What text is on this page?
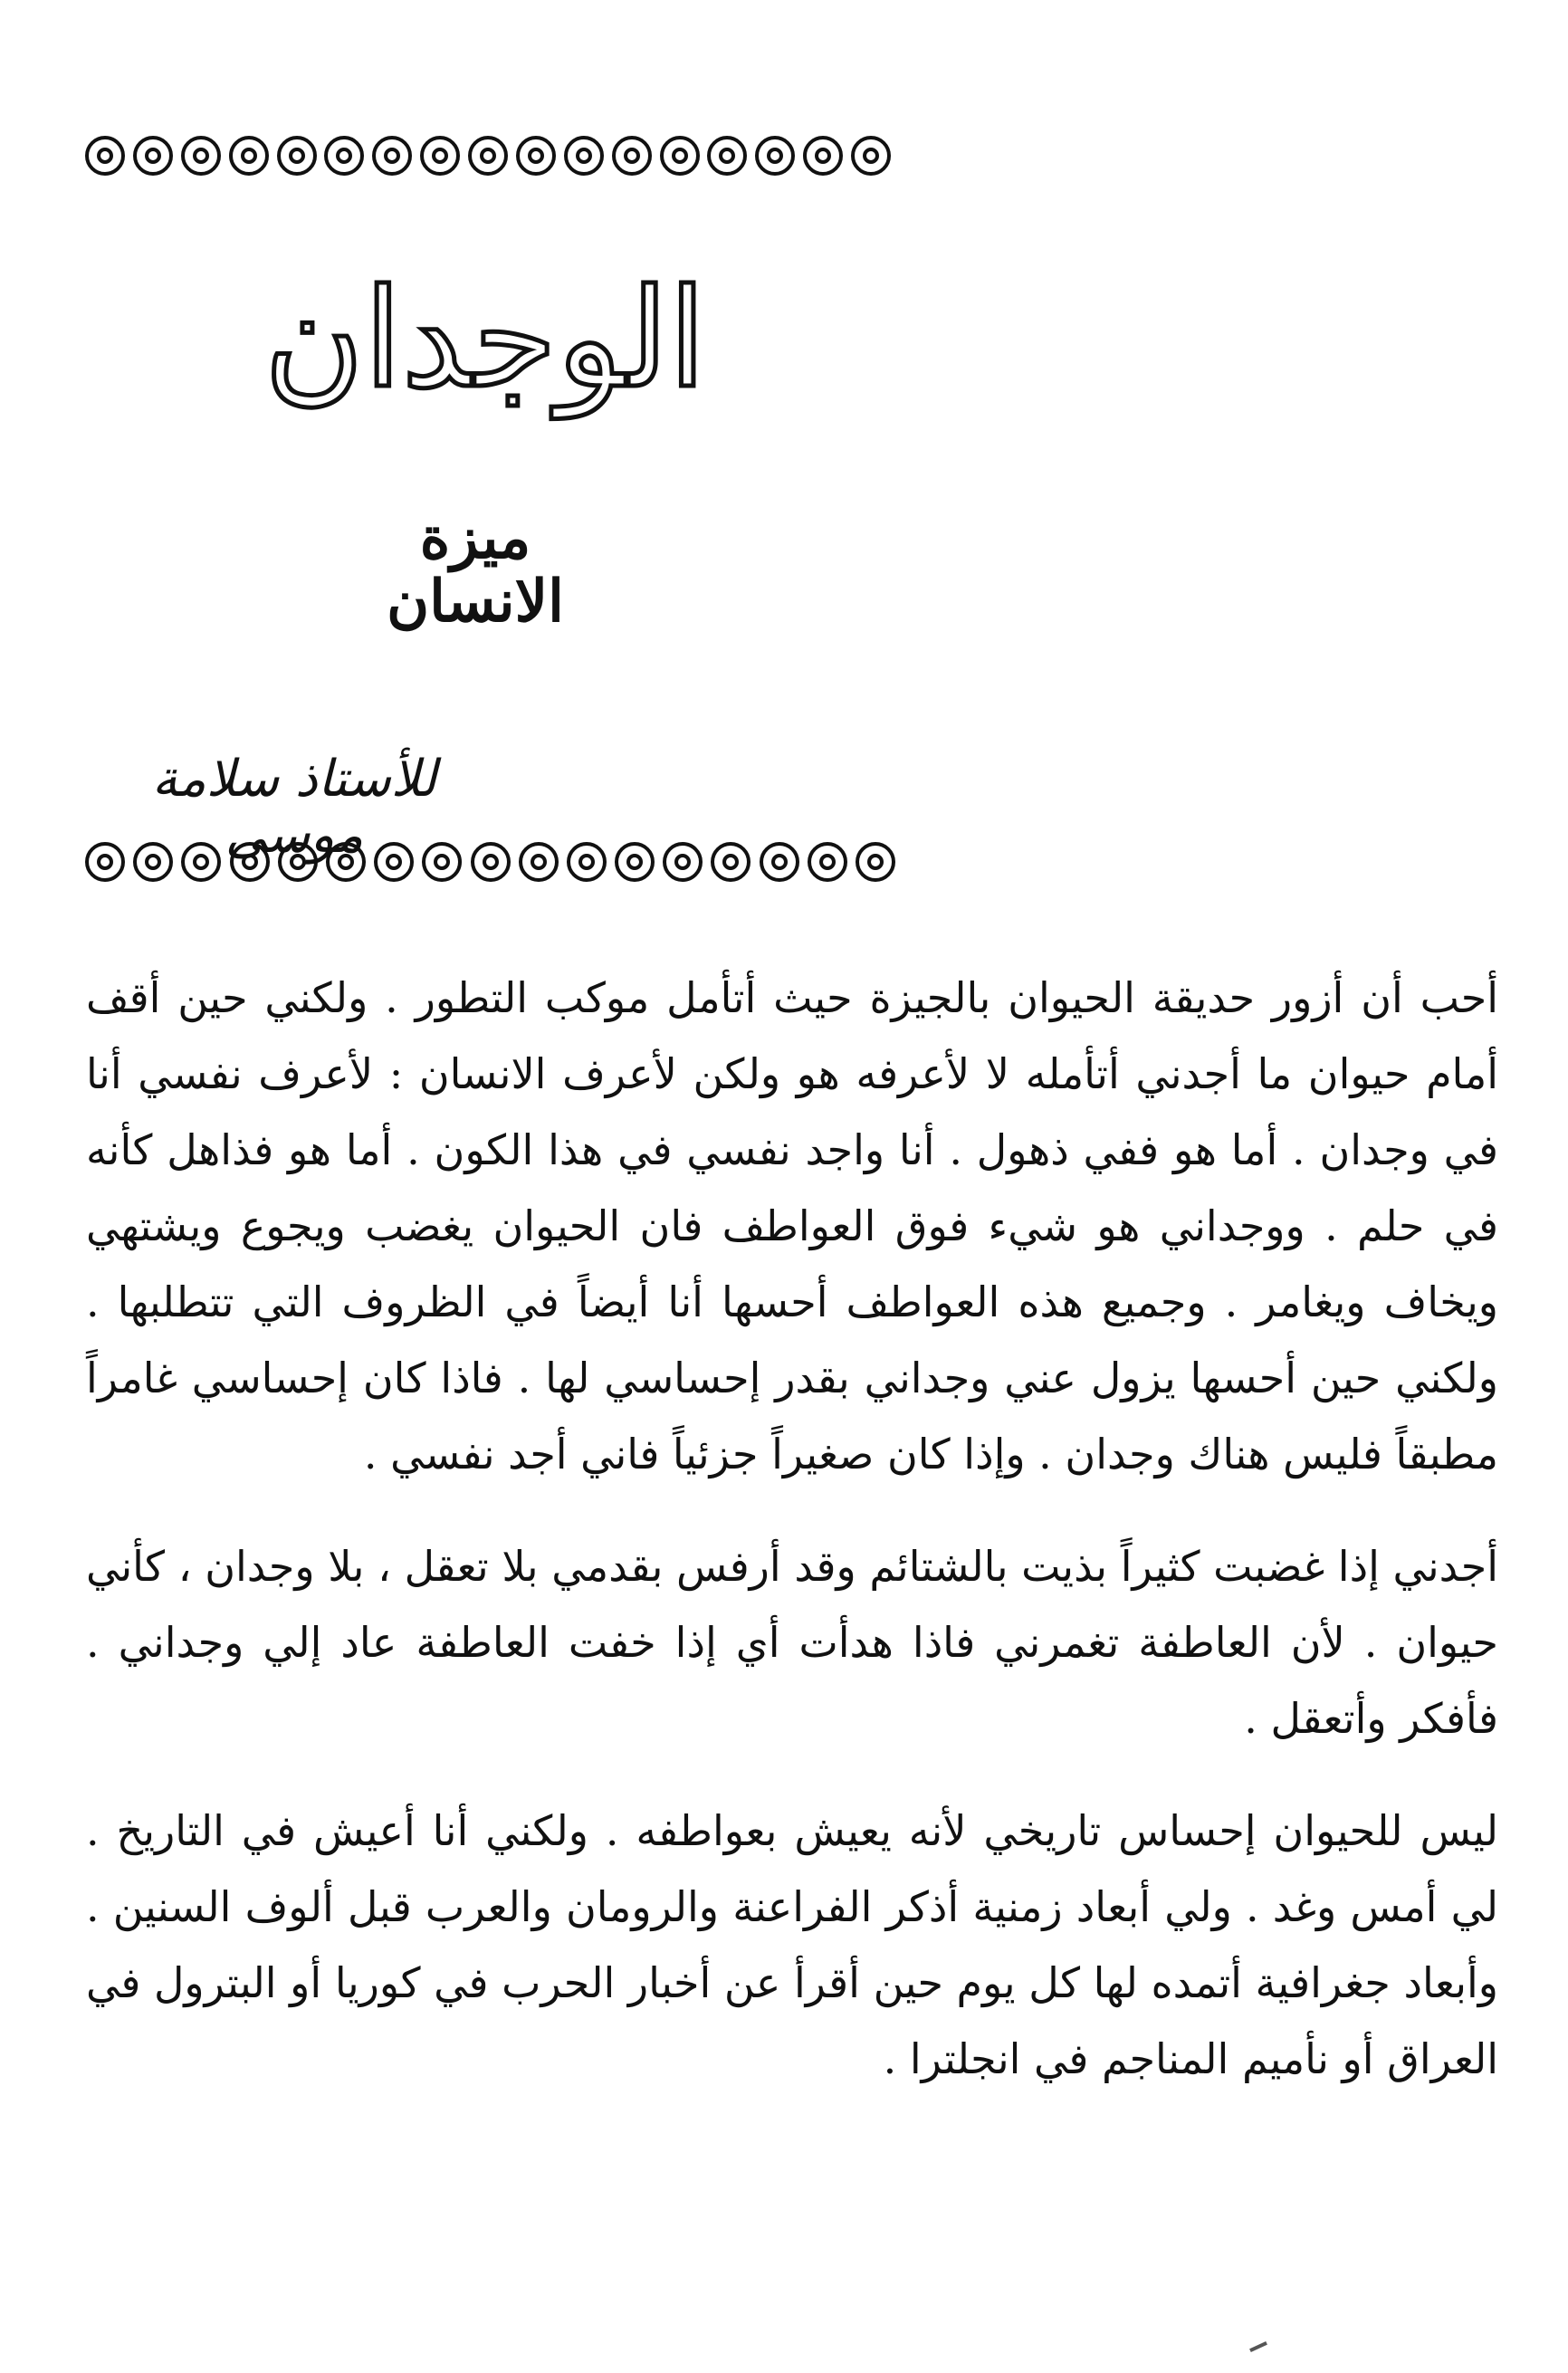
الوجدان
ميزة الانسان
للأستاذ سلامة موسى

أحب أن أزور حديقة الحيوان بالجيزة حيث أتأمل موكب التطور . ولكني حين أقف أمام حيوان ما أجدني أتأمله لا لأعرفه هو ولكن لأعرف الانسان : لأعرف نفسي أنا في وجدان . أما هو ففي ذهول . أنا واجد نفسي في هذا الكون . أما هو فذاهل كأنه في حلم . ووجداني هو شيء فوق العواطف فان الحيوان يغضب ويجوع ويشتهي ويخاف ويغامر . وجميع هذه العواطف أحسها أنا أيضاً في الظروف التي تتطلبها . ولكني حين أحسها يزول عني وجداني بقدر إحساسي لها . فاذا كان إحساسي غامراً مطبقاً فليس هناك وجدان . وإذا كان صغيراً جزئياً فاني أجد نفسي .

أجدني إذا غضبت كثيراً بذيت بالشتائم وقد أرفس بقدمي بلا تعقل ، بلا وجدان ، كأني حيوان . لأن العاطفة تغمرني فاذا هدأت أي إذا خفت العاطفة عاد إلي وجداني . فأفكر وأتعقل .

ليس للحيوان إحساس تاريخي لأنه يعيش بعواطفه . ولكني أنا أعيش في التاريخ . لي أمس وغد . ولي أبعاد زمنية أذكر الفراعنة والرومان والعرب قبل ألوف السنين . وأبعاد جغرافية أتمده لها كل يوم حين أقرأ عن أخبار الحرب في كوريا أو البترول في العراق أو نأميم المناجم في انجلترا .
